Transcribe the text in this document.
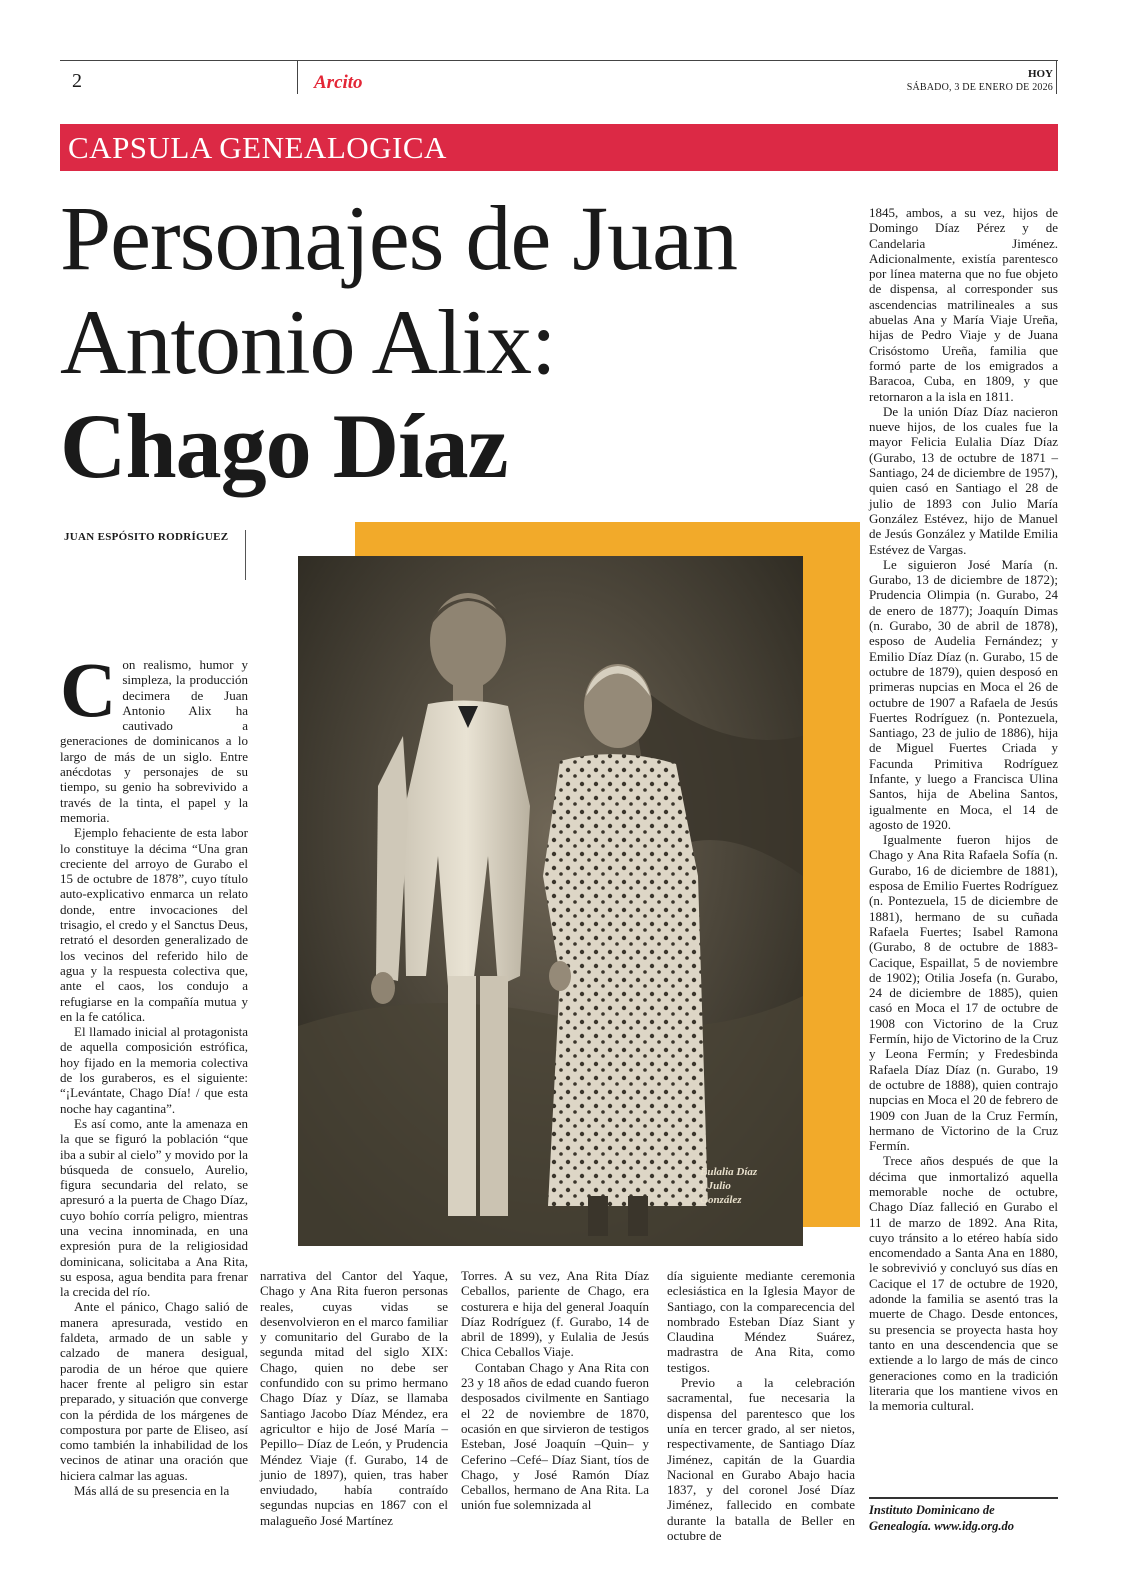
2	Arcito	HOY
SÁBADO, 3 DE ENERO DE 2026
CAPSULA GENEALOGICA
Personajes de Juan
Antonio Alix:
Chago Díaz
JUAN ESPÓSITO RODRÍGUEZ
Eulalia Díaz
y Julio
González

Con realismo, humor y simpleza, la producción decimera de Juan Antonio Alix ha cautivado a generaciones de dominicanos a lo largo de más de un siglo. Entre anécdotas y personajes de su tiempo, su genio ha sobrevivido a través de la tinta, el papel y la memoria.

Ejemplo fehaciente de esta labor lo constituye la décima “Una gran creciente del arroyo de Gurabo el 15 de octubre de 1878”, cuyo título auto-explicativo enmarca un relato donde, entre invocaciones del trisagio, el credo y el Sanctus Deus, retrató el desorden generalizado de los vecinos del referido hilo de agua y la respuesta colectiva que, ante el caos, los condujo a refugiarse en la compañía mutua y en la fe católica.

El llamado inicial al protagonista de aquella composición estrófica, hoy fijado en la memoria colectiva de los guraberos, es el siguiente: “¡Levántate, Chago Día! / que esta noche hay cagantina”.

Es así como, ante la amenaza en la que se figuró la población “que iba a subir al cielo” y movido por la búsqueda de consuelo, Aurelio, figura secundaria del relato, se apresuró a la puerta de Chago Díaz, cuyo bohío corría peligro, mientras una vecina innominada, en una expresión pura de la religiosidad dominicana, solicitaba a Ana Rita, su esposa, agua bendita para frenar la crecida del río.

Ante el pánico, Chago salió de manera apresurada, vestido en faldeta, armado de un sable y calzado de manera desigual, parodia de un héroe que quiere hacer frente al peligro sin estar preparado, y situación que converge con la pérdida de los márgenes de compostura por parte de Eliseo, así como también la inhabilidad de los vecinos de atinar una oración que hiciera calmar las aguas.

Más allá de su presencia en la

narrativa del Cantor del Yaque, Chago y Ana Rita fueron personas reales, cuyas vidas se desenvolvieron en el marco familiar y comunitario del Gurabo de la segunda mitad del siglo XIX: Chago, quien no debe ser confundido con su primo hermano Chago Díaz y Díaz, se llamaba Santiago Jacobo Díaz Méndez, era agricultor e hijo de José María –Pepillo– Díaz de León, y Prudencia Méndez Viaje (f. Gurabo, 14 de junio de 1897), quien, tras haber enviudado, había contraído segundas nupcias en 1867 con el malagueño José Martínez

Torres. A su vez, Ana Rita Díaz Ceballos, pariente de Chago, era costurera e hija del general Joaquín Díaz Rodríguez (f. Gurabo, 14 de abril de 1899), y Eulalia de Jesús Chica Ceballos Viaje.

Contaban Chago y Ana Rita con 23 y 18 años de edad cuando fueron desposados civilmente en Santiago el 22 de noviembre de 1870, ocasión en que sirvieron de testigos Esteban, José Joaquín –Quin– y Ceferino –Cefé– Díaz Siant, tíos de Chago, y José Ramón Díaz Ceballos, hermano de Ana Rita. La unión fue solemnizada al

día siguiente mediante ceremonia eclesiástica en la Iglesia Mayor de Santiago, con la comparecencia del nombrado Esteban Díaz Siant y Claudina Méndez Suárez, madrastra de Ana Rita, como testigos.

Previo a la celebración sacramental, fue necesaria la dispensa del parentesco que los unía en tercer grado, al ser nietos, respectivamente, de Santiago Díaz Jiménez, capitán de la Guardia Nacional en Gurabo Abajo hacia 1837, y del coronel José Díaz Jiménez, fallecido en combate durante la batalla de Beller en octubre de

1845, ambos, a su vez, hijos de Domingo Díaz Pérez y de Candelaria Jiménez. Adicionalmente, existía parentesco por línea materna que no fue objeto de dispensa, al corresponder sus ascendencias matrilineales a sus abuelas Ana y María Viaje Ureña, hijas de Pedro Viaje y de Juana Crisóstomo Ureña, familia que formó parte de los emigrados a Baracoa, Cuba, en 1809, y que retornaron a la isla en 1811.

De la unión Díaz Díaz nacieron nueve hijos, de los cuales fue la mayor Felicia Eulalia Díaz Díaz (Gurabo, 13 de octubre de 1871 – Santiago, 24 de diciembre de 1957), quien casó en Santiago el 28 de julio de 1893 con Julio María González Estévez, hijo de Manuel de Jesús González y Matilde Emilia Estévez de Vargas.

Le siguieron José María (n. Gurabo, 13 de diciembre de 1872); Prudencia Olimpia (n. Gurabo, 24 de enero de 1877); Joaquín Dimas (n. Gurabo, 30 de abril de 1878), esposo de Audelia Fernández; y Emilio Díaz Díaz (n. Gurabo, 15 de octubre de 1879), quien desposó en primeras nupcias en Moca el 26 de octubre de 1907 a Rafaela de Jesús Fuertes Rodríguez (n. Pontezuela, Santiago, 23 de julio de 1886), hija de Miguel Fuertes Criada y Facunda Primitiva Rodríguez Infante, y luego a Francisca Ulina Santos, hija de Abelina Santos, igualmente en Moca, el 14 de agosto de 1920.

Igualmente fueron hijos de Chago y Ana Rita Rafaela Sofía (n. Gurabo, 16 de diciembre de 1881), esposa de Emilio Fuertes Rodríguez (n. Pontezuela, 15 de diciembre de 1881), hermano de su cuñada Rafaela Fuertes; Isabel Ramona (Gurabo, 8 de octubre de 1883-Cacique, Espaillat, 5 de noviembre de 1902); Otilia Josefa (n. Gurabo, 24 de diciembre de 1885), quien casó en Moca el 17 de octubre de 1908 con Victorino de la Cruz Fermín, hijo de Victorino de la Cruz y Leona Fermín; y Fredesbinda Rafaela Díaz Díaz (n. Gurabo, 19 de octubre de 1888), quien contrajo nupcias en Moca el 20 de febrero de 1909 con Juan de la Cruz Fermín, hermano de Victorino de la Cruz Fermín.

Trece años después de que la décima que inmortalizó aquella memorable noche de octubre, Chago Díaz falleció en Gurabo el 11 de marzo de 1892. Ana Rita, cuyo tránsito a lo etéreo había sido encomendado a Santa Ana en 1880, le sobrevivió y concluyó sus días en Cacique el 17 de octubre de 1920, adonde la familia se asentó tras la muerte de Chago. Desde entonces, su presencia se proyecta hasta hoy tanto en una descendencia que se extiende a lo largo de más de cinco generaciones como en la tradición literaria que los mantiene vivos en la memoria cultural.

Instituto Dominicano de Genealogía. www.idg.org.do
